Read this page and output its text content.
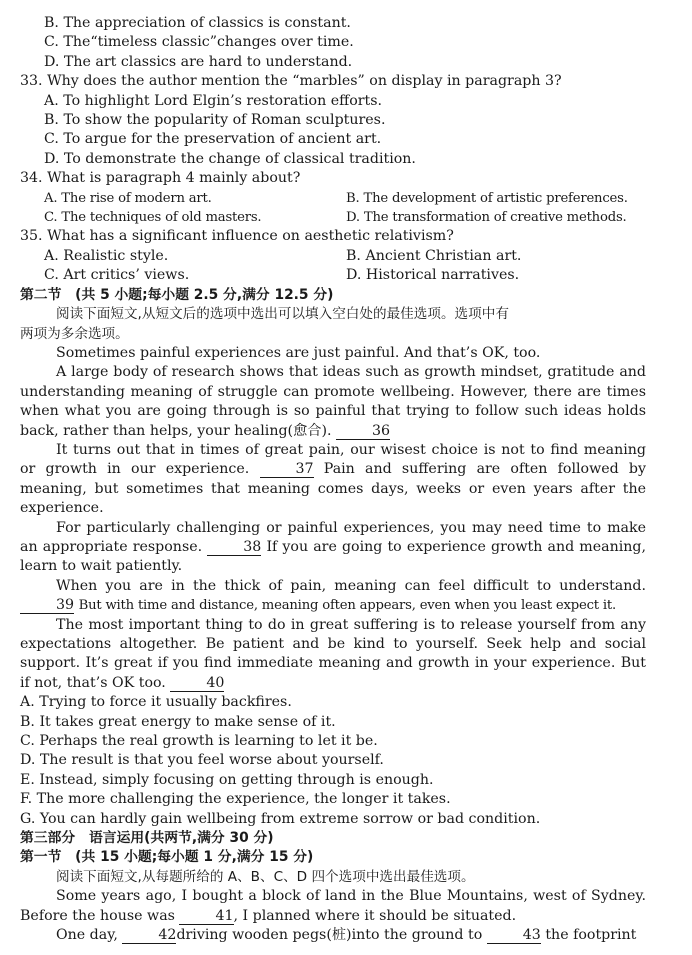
B. The appreciation of classics is constant.
C. The“timeless classic”changes over time.
D. The art classics are hard to understand.
33. Why does the author mention the “marbles” on display in paragraph 3?
A. To highlight Lord Elgin’s restoration efforts.
B. To show the popularity of Roman sculptures.
C. To argue for the preservation of ancient art.
D. To demonstrate the change of classical tradition.
34. What is paragraph 4 mainly about?
A. The rise of modern art.	B. The development of artistic preferences.
C. The techniques of old masters.	D. The transformation of creative methods.
35. What has a significant influence on aesthetic relativism?
A. Realistic style.	B. Ancient Christian art.
C. Art critics’ views.	D. Historical narratives.
第二节　(共 5 小题;每小题 2.5 分,满分 12.5 分)
阅读下面短文,从短文后的选项中选出可以填入空白处的最佳选项。选项中有
两项为多余选项。
Sometimes painful experiences are just painful. And that’s OK, too.
A large body of research shows that ideas such as growth mindset, gratitude and understanding meaning of struggle can promote wellbeing. However, there are times when what you are going through is so painful that trying to follow such ideas holds back, rather than helps, your healing(愈合).	36
It turns out that in times of great pain, our wisest choice is not to find meaning or growth in our experience.	37 Pain and suffering are often followed by meaning, but sometimes that meaning comes days, weeks or even years after the experience.
For particularly challenging or painful experiences, you may need time to make an appropriate response.	38 If you are going to experience growth and meaning, learn to wait patiently.
When you are in the thick of pain, meaning can feel difficult to understand. 39 But with time and distance, meaning often appears, even when you least expect it.
The most important thing to do in great suffering is to release yourself from any expectations altogether. Be patient and be kind to yourself. Seek help and social support. It’s great if you find immediate meaning and growth in your experience. But if not, that’s OK too.	40
A. Trying to force it usually backfires.
B. It takes great energy to make sense of it.
C. Perhaps the real growth is learning to let it be.
D. The result is that you feel worse about yourself.
E. Instead, simply focusing on getting through is enough.
F. The more challenging the experience, the longer it takes.
G. You can hardly gain wellbeing from extreme sorrow or bad condition.
第三部分　语言运用(共两节,满分 30 分)
第一节　(共 15 小题;每小题 1 分,满分 15 分)
阅读下面短文,从每题所给的 A、B、C、D 四个选项中选出最佳选项。
Some years ago, I bought a block of land in the Blue Mountains, west of Sydney. Before the house was	41, I planned where it should be situated.
One day,	42driving wooden pegs(桩)into the ground to	43 the footprint
